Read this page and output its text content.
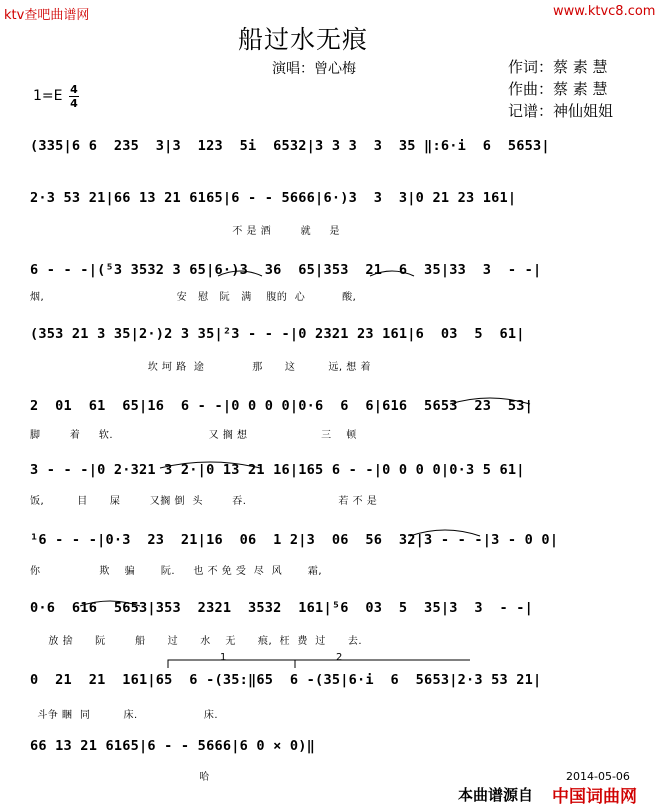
ktv查吧曲谱网	www.ktvc8.com
船过水无痕
演唱：曾心梅	作词：蔡 素 慧
作曲：蔡 素 慧
记谱：神仙姐姐
1=E 4
4
(335|6 6  235  3|3  123  5i  6532|3 3 3  3  35 ‖:6·i  6  5653|
2·3 53 21|66 13 21 6165|6 - - 5666|6·)3  3  3|0 21 23 161|
不 是 酒        就     是
6 - - -|(⁵3 3532 3 65|6·)3  36  65|353  21  6  35|33  3  - -|
烟,                                    安   慰   阮   满    腹的  心          酸,
(353 21 3 35|2·)2 3 35|²3 - - -|0 2321 23 161|6  03  5  61|
坎 坷 路  途             那      这         远, 想 着
2  01  61  65|16  6 - -|0 0 0 0|0·6  6  6|616  5653  23  53|
脚        着     软.                          又 搁 想                    三    顿
3 - - -|0 2·321 3 2·|0 13 21 16|165 6 - -|0 0 0 0|0·3 5 61|
饭,         目      屎        又搁 倒  头        吞.                         若 不 是
¹6 - - -|0·3  23  21|16  06  1 2|3  06  56  32|3 - - -|3 - 0 0|
你                欺    骗       阮.     也 不 免 受  尽  风       霜,
0·6  616  5653|353  2321  3532  161|⁵6  03  5  35|3  3  - -|
放 捨      阮        船      过      水    无      痕,  枉  费  过      去.
0  21  21  161|65  6 -(35:‖65  6 -(35|6·i  6  5653|2·3 53 21|
斗争 睏  同         床.                  床.
66 13 21 6165|6 - - 5666|6 0 × 0)‖
哈
1	2
本曲谱源自 中国词曲网
2014-05-06
